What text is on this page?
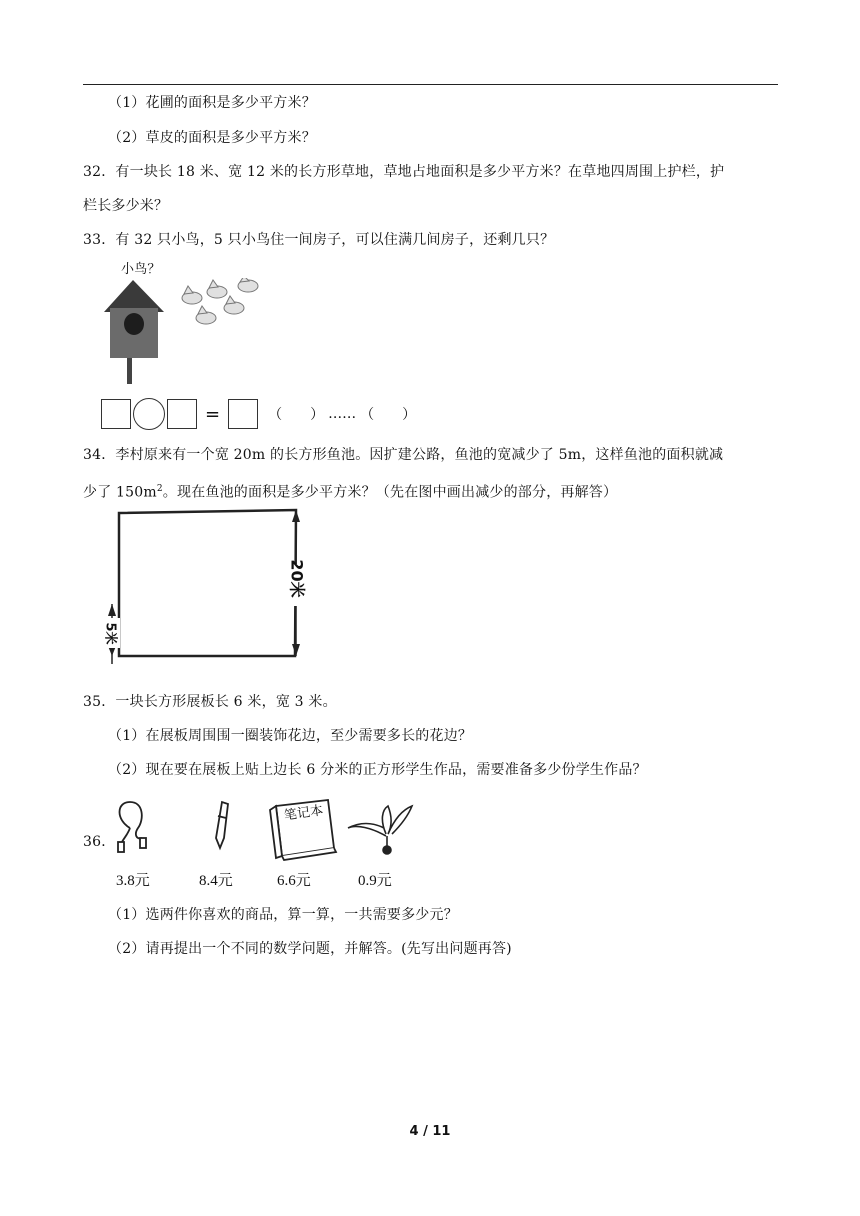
（1）花圃的面积是多少平方米？
（2）草皮的面积是多少平方米？
32．有一块长 18 米、宽 12 米的长方形草地，草地占地面积是多少平方米？在草地四周围上护栏，护
栏长多少米？
33．有 32 只小鸟，5 只小鸟住一间房子，可以住满几间房子，还剩几只？
小鸟？
=	（　　） …… （　　）
34．李村原来有一个宽 20m 的长方形鱼池。因扩建公路，鱼池的宽减少了 5m，这样鱼池的面积就减
少了 $150m^2$。现在鱼池的面积是多少平方米？（先在图中画出减少的部分，再解答）
20米
5米
35．一块长方形展板长 6 米，宽 3 米。
（1）在展板周围围一圈装饰花边，至少需要多长的花边？
（2）现在要在展板上贴上边长 6 分米的正方形学生作品，需要准备多少份学生作品？
36．
笔记本
3.8元	8.4元	6.6元	0.9元
（1）选两件你喜欢的商品，算一算，一共需要多少元？
（2）请再提出一个不同的数学问题，并解答。(先写出问题再答)
4 / 11
